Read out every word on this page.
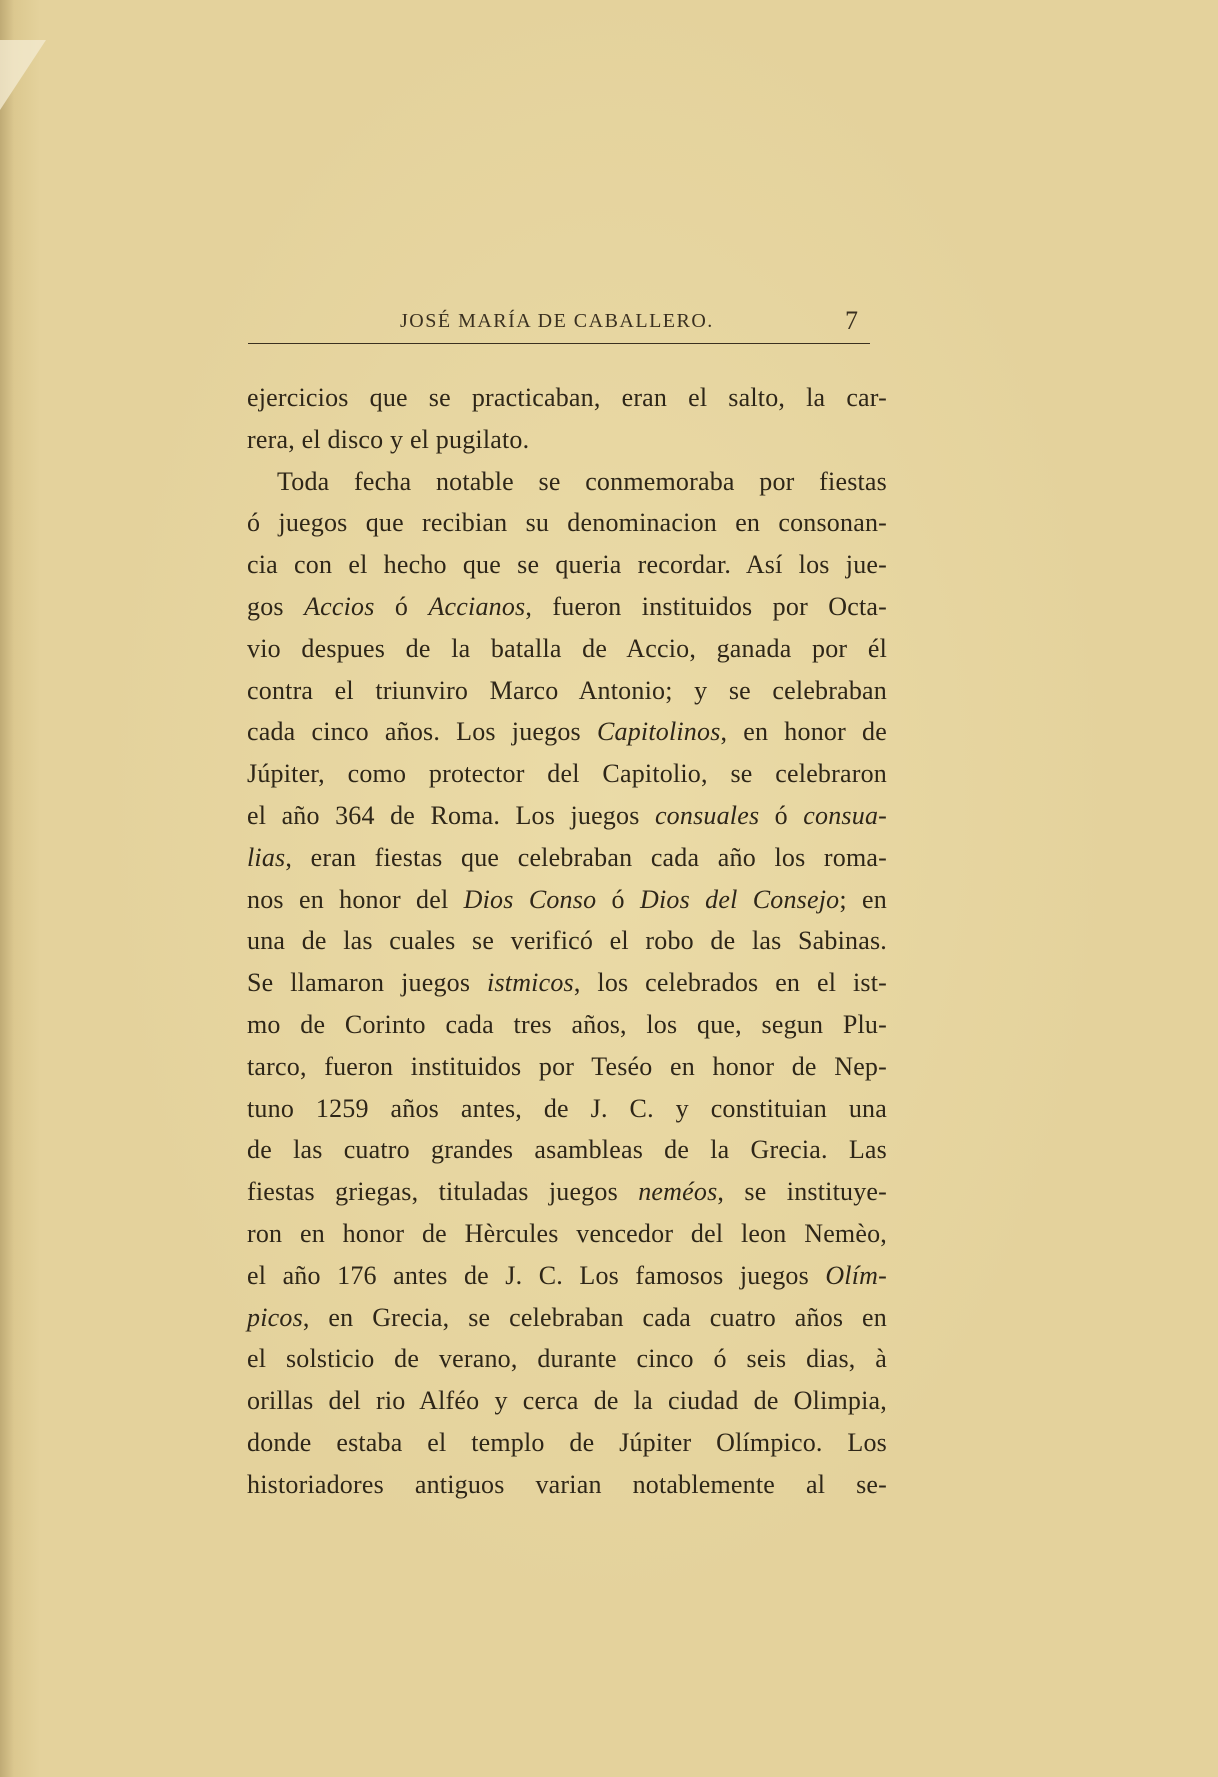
JOSÉ MARÍA DE CABALLERO.	7
ejercicios que se practicaban, eran el salto, la car-
rera, el disco y el pugilato.
Toda fecha notable se conmemoraba por fiestas
ó juegos que recibian su denominacion en consonan-
cia con el hecho que se queria recordar. Así los jue-
gos Accios ó Accianos, fueron instituidos por Octa-
vio despues de la batalla de Accio, ganada por él
contra el triunviro Marco Antonio; y se celebraban
cada cinco años. Los juegos Capitolinos, en honor de
Júpiter, como protector del Capitolio, se celebraron
el año 364 de Roma. Los juegos consuales ó consua-
lias, eran fiestas que celebraban cada año los roma-
nos en honor del Dios Conso ó Dios del Consejo; en
una de las cuales se verificó el robo de las Sabinas.
Se llamaron juegos istmicos, los celebrados en el ist-
mo de Corinto cada tres años, los que, segun Plu-
tarco, fueron instituidos por Teséo en honor de Nep-
tuno 1259 años antes, de J. C. y constituian una
de las cuatro grandes asambleas de la Grecia. Las
fiestas griegas, tituladas juegos neméos, se instituye-
ron en honor de Hèrcules vencedor del leon Nemèo,
el año 176 antes de J. C. Los famosos juegos Olím-
picos, en Grecia, se celebraban cada cuatro años en
el solsticio de verano, durante cinco ó seis dias, à
orillas del rio Alféo y cerca de la ciudad de Olimpia,
donde estaba el templo de Júpiter Olímpico. Los
historiadores antiguos varian notablemente al se-
